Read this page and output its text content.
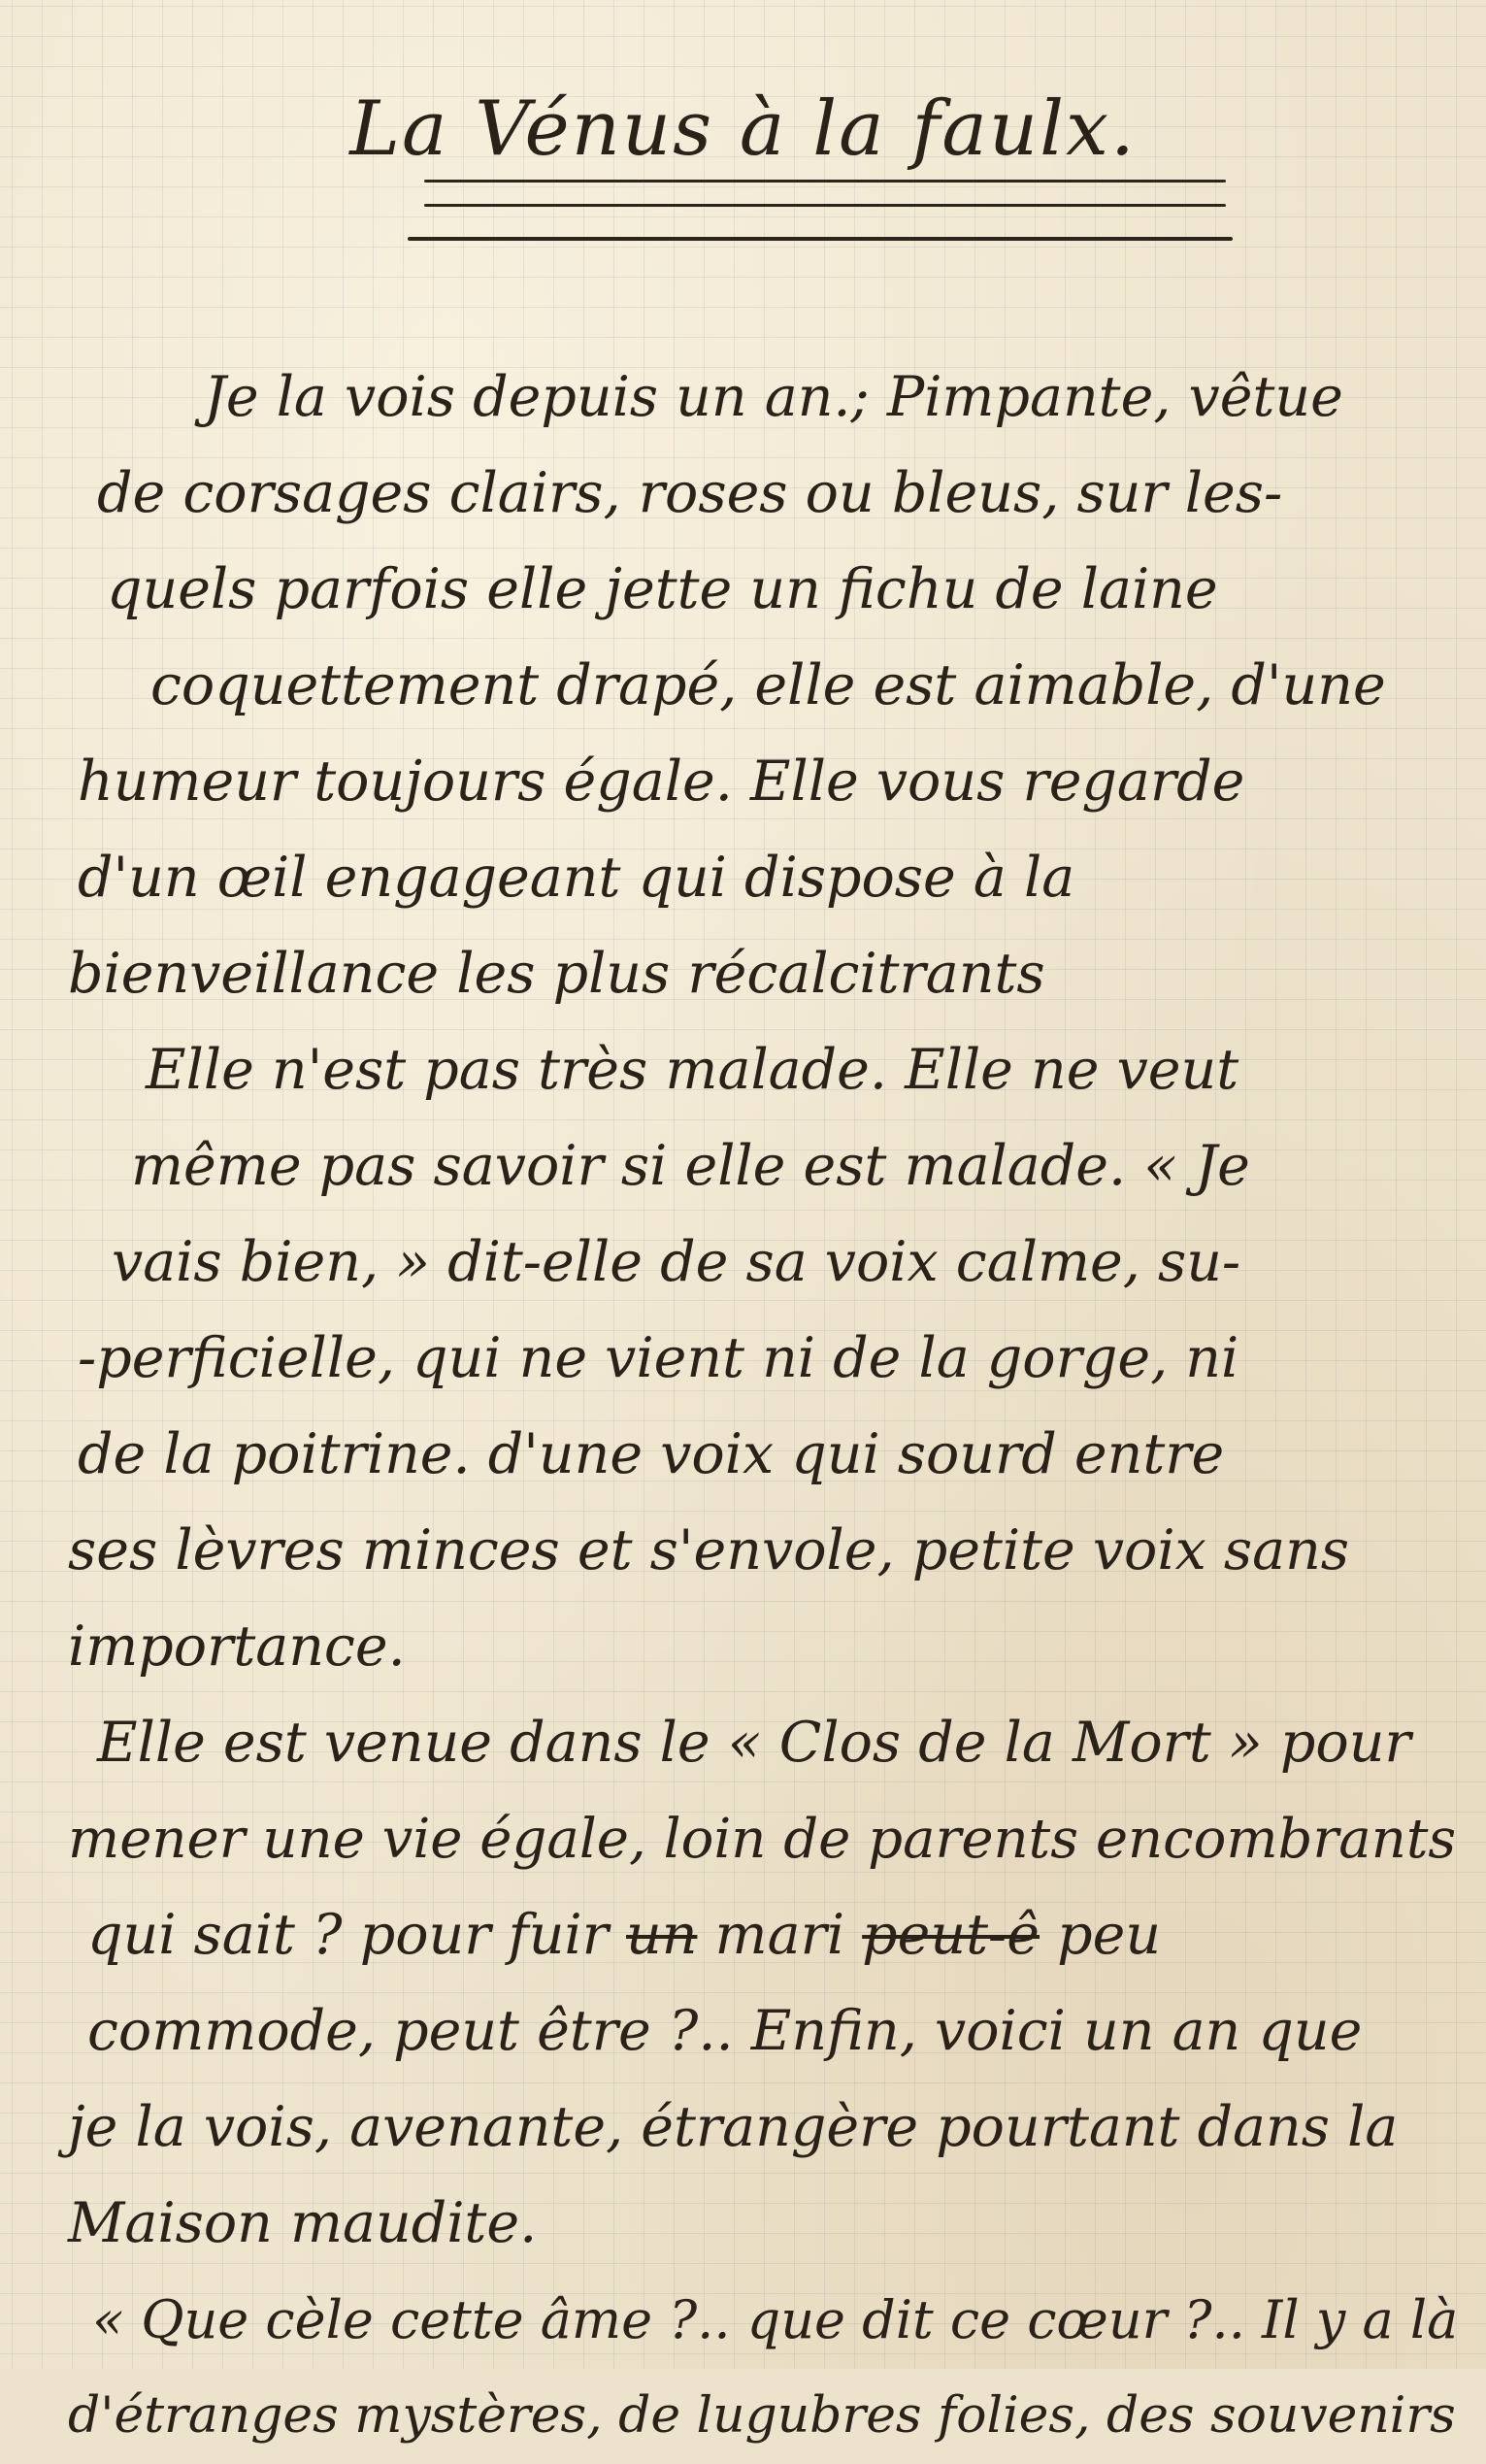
La Vénus à la faulx.
Je la vois depuis un an.; Pimpante, vêtue
de corsages clairs, roses ou bleus, sur les-
quels parfois elle jette un fichu de laine
coquettement drapé, elle est aimable, d'une
humeur toujours égale. Elle vous regarde
d'un œil engageant qui dispose à la
bienveillance les plus récalcitrants
Elle n'est pas très malade. Elle ne veut
même pas savoir si elle est malade. « Je
vais bien, » dit-elle de sa voix calme, su-
-perficielle, qui ne vient ni de la gorge, ni
de la poitrine. d'une voix qui sourd entre
ses lèvres minces et s'envole, petite voix sans
importance.
Elle est venue dans le « Clos de la Mort » pour
mener une vie égale, loin de parents encombrants
qui sait ? pour fuir un mari peut-ê peu
commode, peut être ?.. Enfin, voici un an que
je la vois, avenante, étrangère pourtant dans la
Maison maudite.
« Que cèle cette âme ?.. que dit ce cœur ?.. Il y a là
d'étranges mystères, de lugubres folies, des souvenirs
